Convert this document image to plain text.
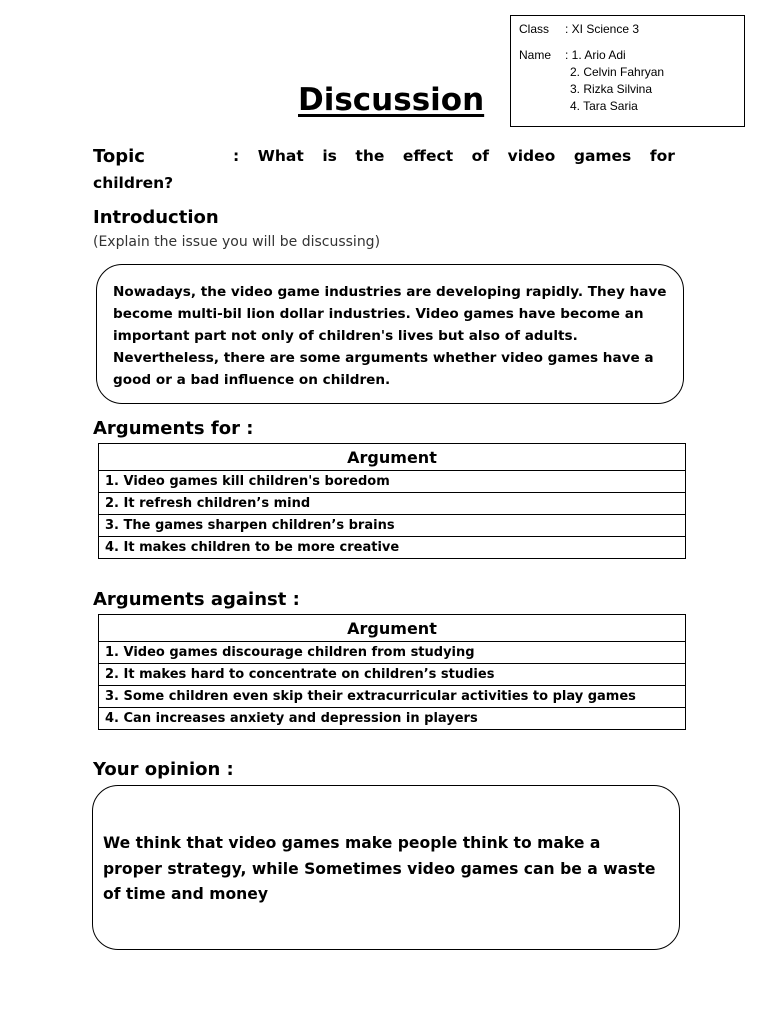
Class	: XI Science 3
Name	: 1. Ario Adi
2. Celvin Fahryan
3. Rizka Silvina
4. Tara Saria
Discussion
Topic	: What is the effect of video games for
children?
Introduction
(Explain the issue you will be discussing)
Nowadays, the video game industries are developing rapidly. They have
become multi-bil lion dollar industries. Video games have become an
important part not only of children's lives but also of adults.
Nevertheless, there are some arguments whether video games have a
good or a bad influence on children.
Arguments for :
Argument
1. Video games kill children's boredom
2. It refresh children’s mind
3. The games sharpen children’s brains
4. It makes children to be more creative
Arguments against :
Argument
1. Video games discourage children from studying
2. It makes hard to concentrate on children’s studies
3. Some children even skip their extracurricular activities to play games
4. Can increases anxiety and depression in players
Your opinion :
We think that video games make people think to make a
proper strategy, while Sometimes video games can be a waste
of time and money
